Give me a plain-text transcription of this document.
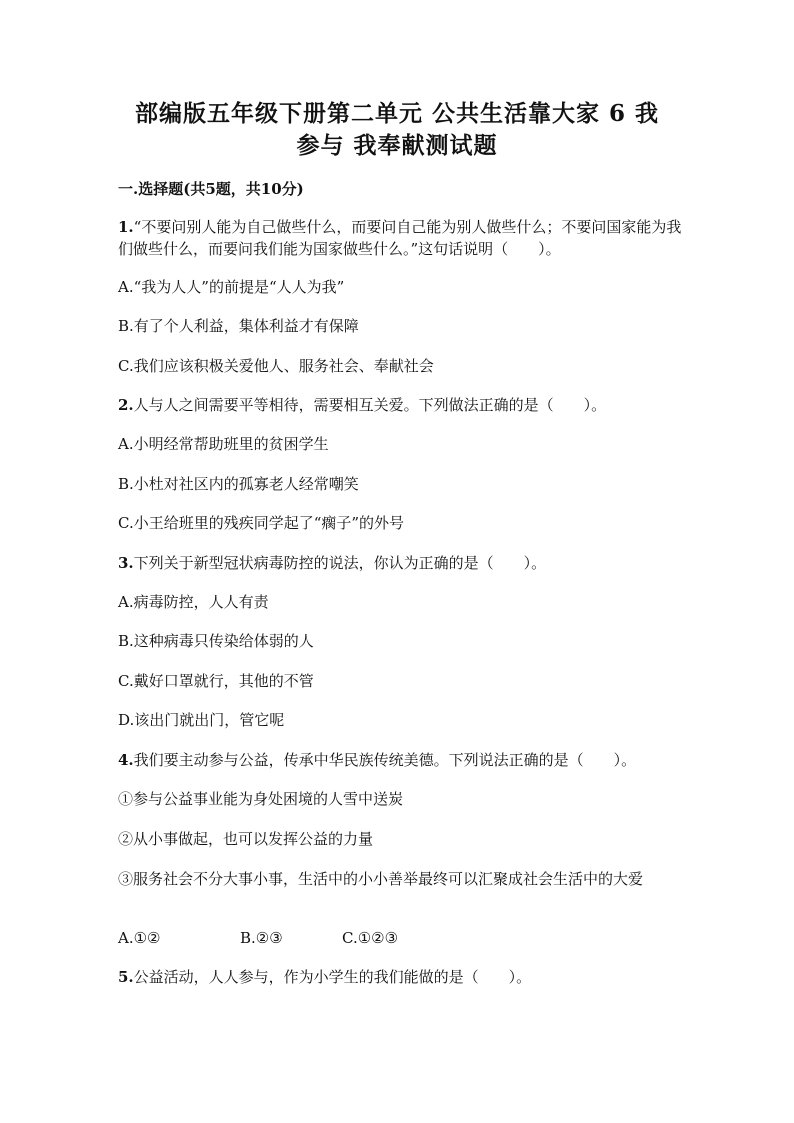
部编版五年级下册第二单元 公共生活靠大家 6 我
参与 我奉献测试题
一.选择题(共5题，共10分)
1.“不要问别人能为自己做些什么，而要问自己能为别人做些什么；不要问国家能为我们做些什么，而要问我们能为国家做些什么。”这句话说明（　　）。
A.“我为人人”的前提是“人人为我”
B.有了个人利益，集体利益才有保障
C.我们应该积极关爱他人、服务社会、奉献社会
2.人与人之间需要平等相待，需要相互关爱。下列做法正确的是（　　）。
A.小明经常帮助班里的贫困学生
B.小杜对社区内的孤寡老人经常嘲笑
C.小王给班里的残疾同学起了“瘸子”的外号
3.下列关于新型冠状病毒防控的说法，你认为正确的是（　　）。
A.病毒防控，人人有责
B.这种病毒只传染给体弱的人
C.戴好口罩就行，其他的不管
D.该出门就出门，管它呢
4.我们要主动参与公益，传承中华民族传统美德。下列说法正确的是（　　）。
①参与公益事业能为身处困境的人雪中送炭
②从小事做起，也可以发挥公益的力量
③服务社会不分大事小事，生活中的小小善举最终可以汇聚成社会生活中的大爱
A.①②	B.②③	C.①②③
5.公益活动，人人参与，作为小学生的我们能做的是（　　）。
